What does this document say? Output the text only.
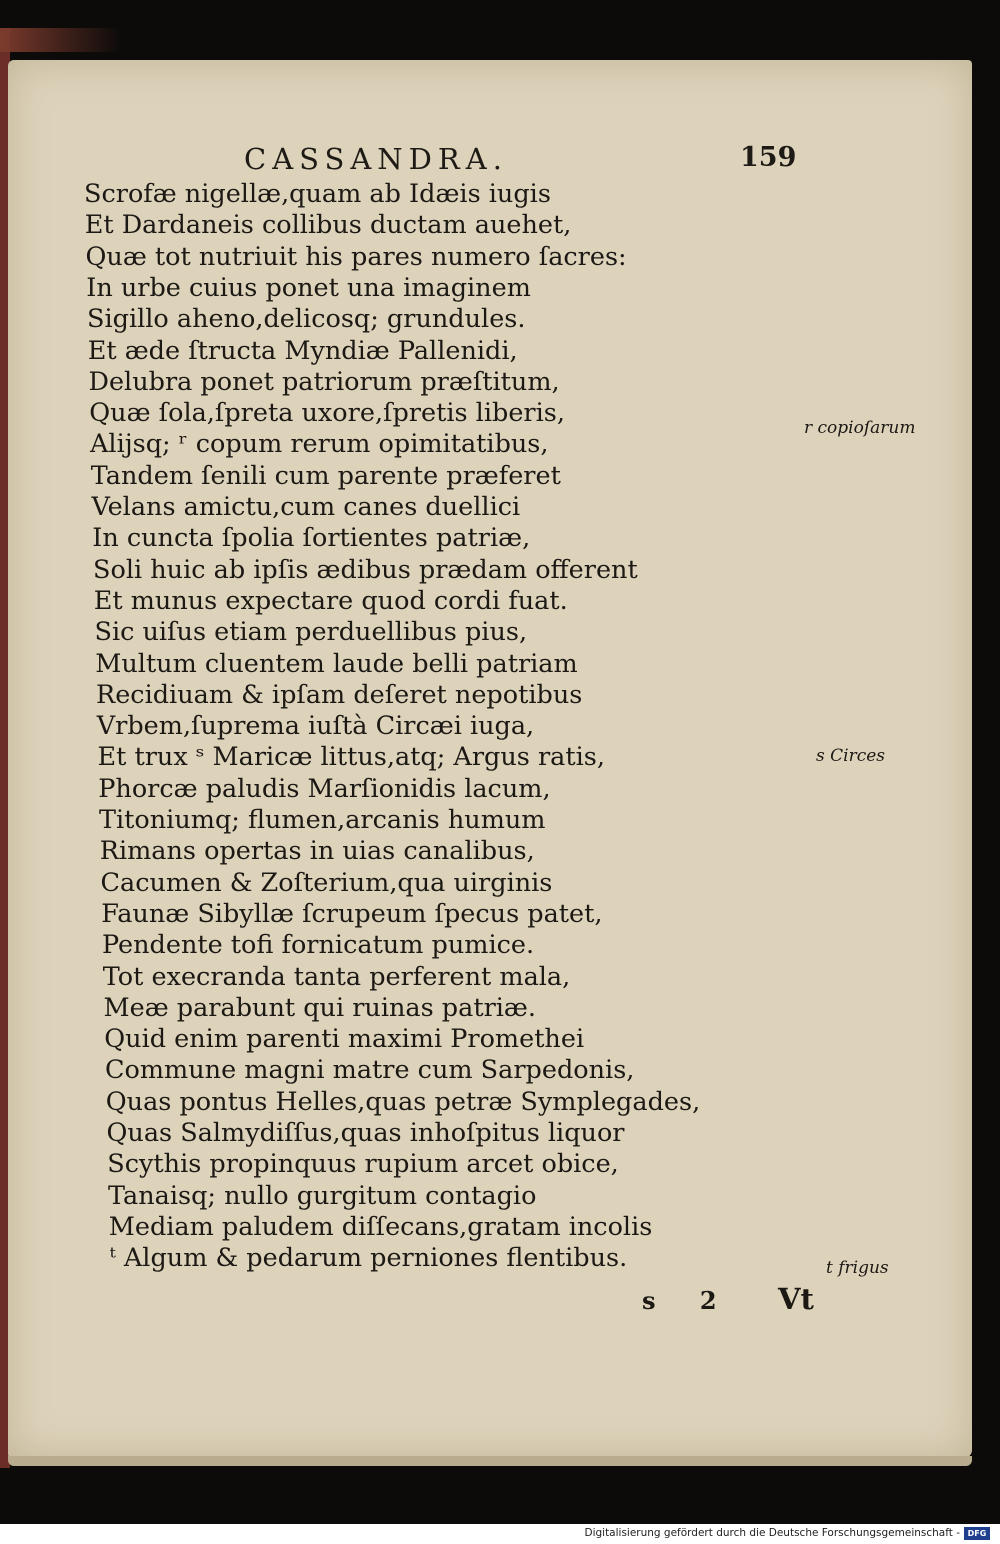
CASSANDRA.	159
Scrofæ nigellæ,quam ab Idæis iugis
Et Dardaneis collibus ductam auehet,
Quæ tot nutriuit his pares numero ſacres:
In urbe cuius ponet una imaginem
Sigillo aheno,delicosq; grundules.
Et æde ſtructa Myndiæ Pallenidi,
Delubra ponet patriorum præſtitum,
Quæ ſola,ſpreta uxore,ſpretis liberis,
Alijsq; ʳ copum rerum opimitatibus,
Tandem ſenili cum parente præferet
Velans amictu,cum canes duellici
In cuncta ſpolia ſortientes patriæ,
Soli huic ab ipſis ædibus prædam offerent
Et munus expectare quod cordi fuat.
Sic uiſus etiam perduellibus pius,
Multum cluentem laude belli patriam
Recidiuam & ipſam deſeret nepotibus
Vrbem,ſuprema iuſtà Circæi iuga,
Et trux ˢ Maricæ littus,atq; Argus ratis,
Phorcæ paludis Marſionidis lacum,
Titoniumq; flumen,arcanis humum
Rimans opertas in uias canalibus,
Cacumen & Zoſterium,qua uirginis
Faunæ Sibyllæ ſcrupeum ſpecus patet,
Pendente tofi fornicatum pumice.
Tot execranda tanta perferent mala,
Meæ parabunt qui ruinas patriæ.
Quid enim parenti maximi Promethei
Commune magni matre cum Sarpedonis,
Quas pontus Helles,quas petræ Symplegades,
Quas Salmydiſſus,quas inhoſpitus liquor
Scythis propinquus rupium arcet obice,
Tanaisq; nullo gurgitum contagio
Mediam paludem diſſecans,gratam incolis
ᵗ Algum & pedarum perniones flentibus.
r copioſarum
s Circes
t frigus
s 2 Vt
Digitalisierung gefördert durch die Deutsche Forschungsgemeinschaft - DFG
